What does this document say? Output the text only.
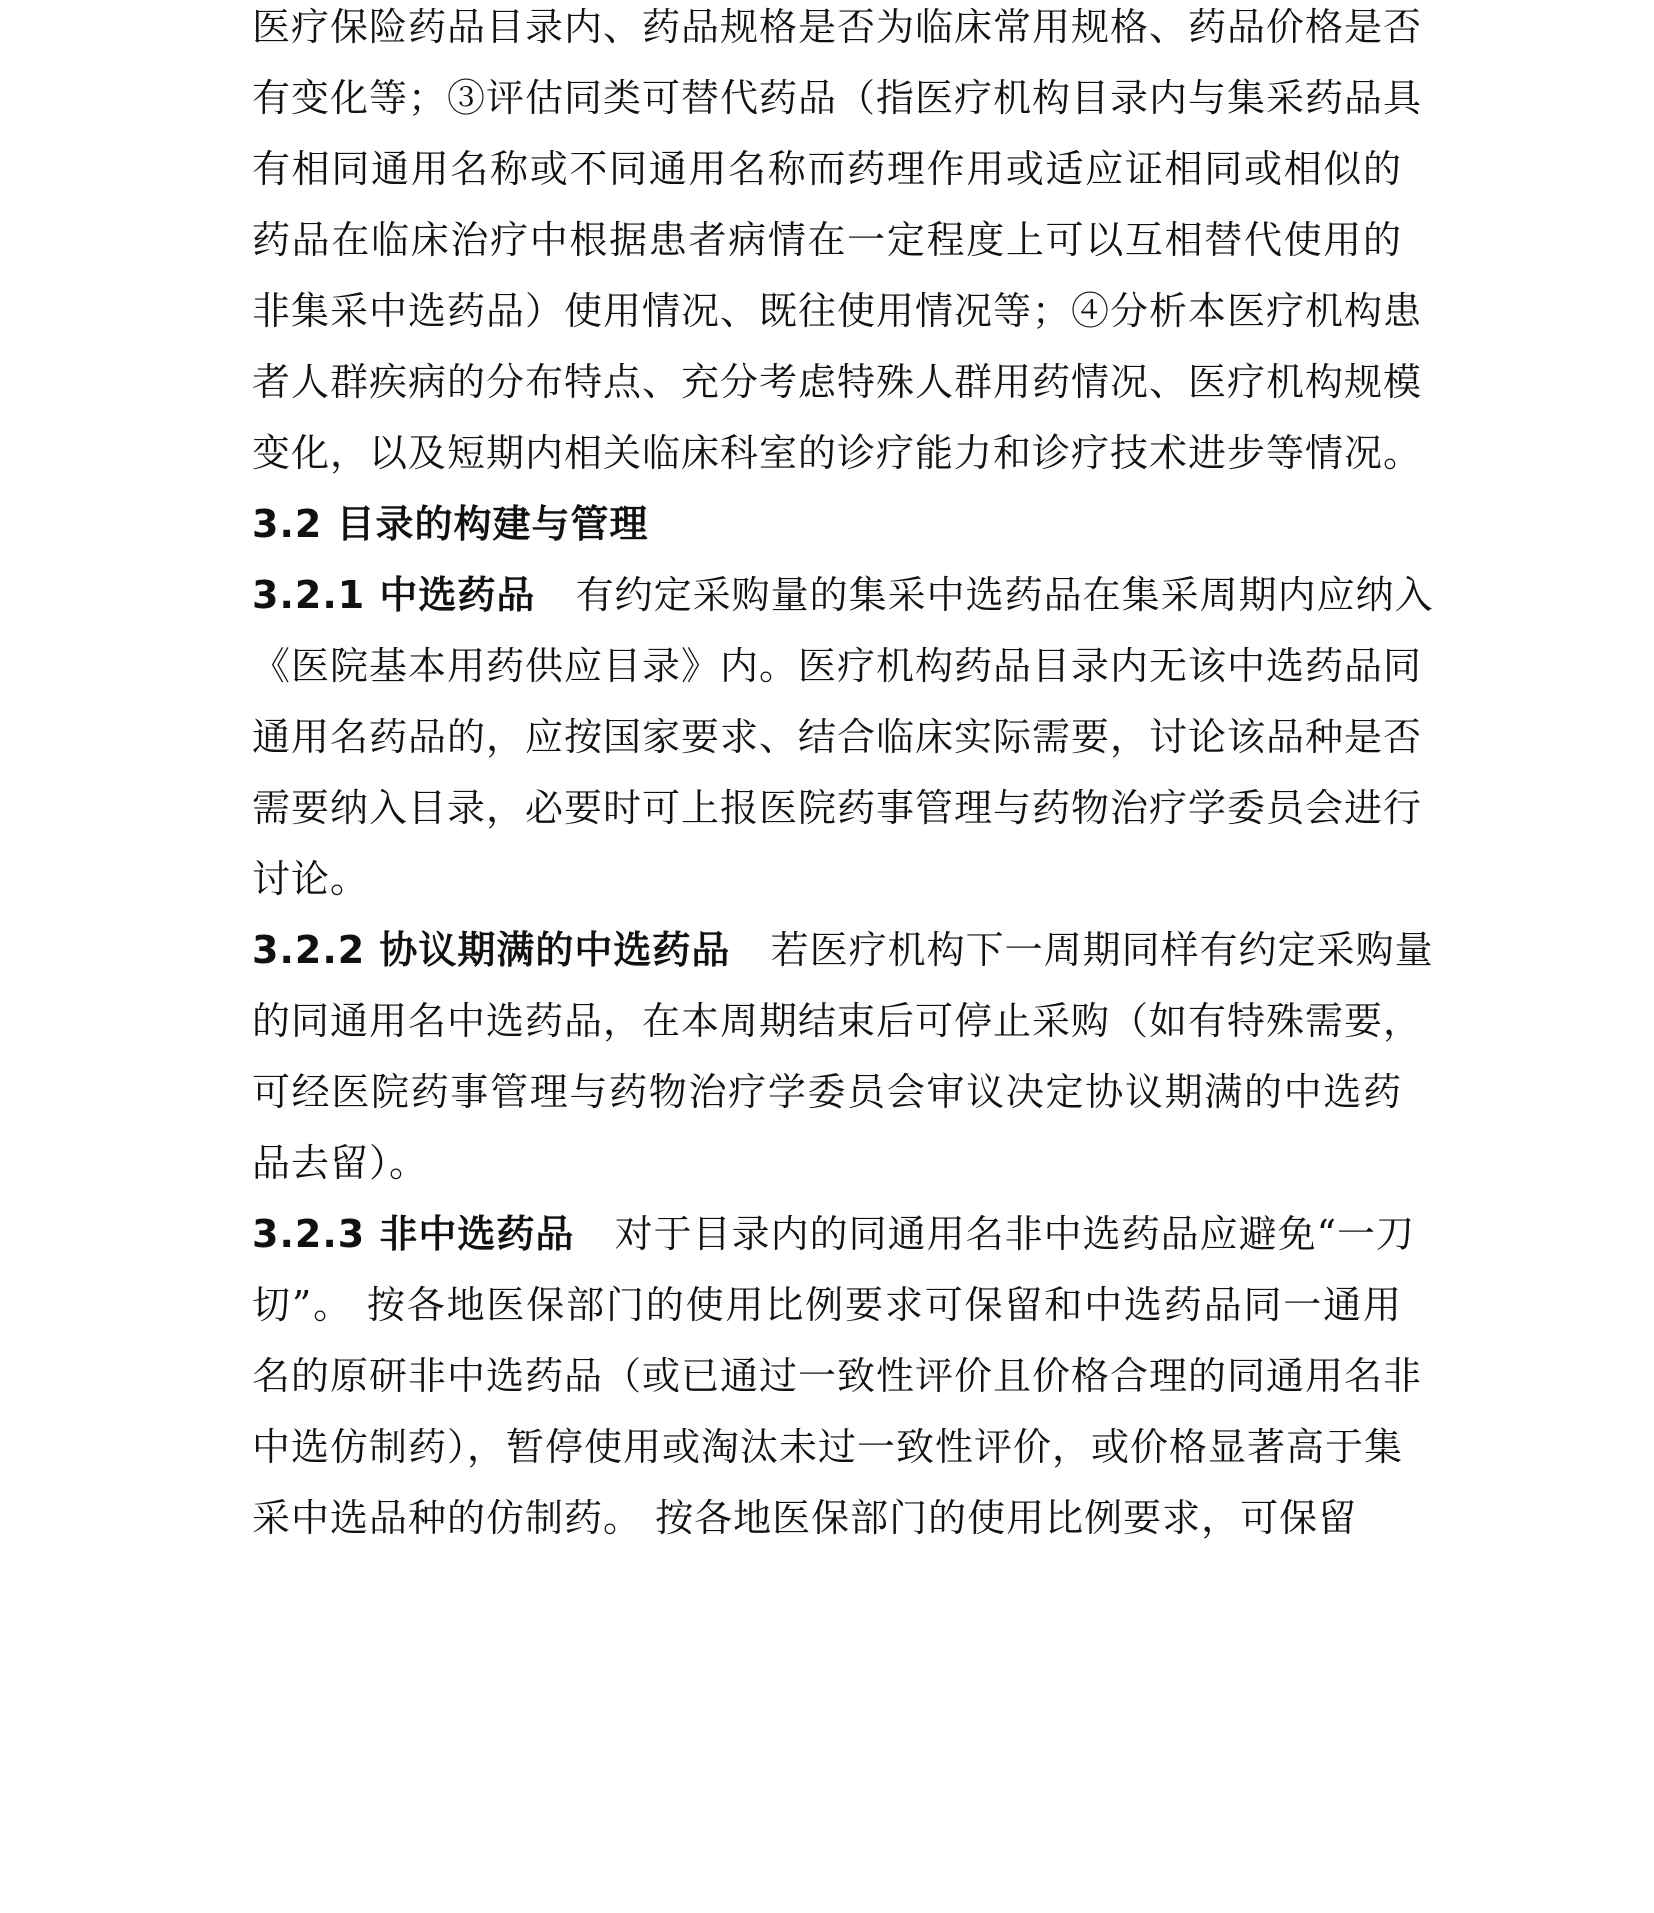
医疗保险药品目录内、药品规格是否为临床常用规格、药品价格是否
有变化等；③评估同类可替代药品（指医疗机构目录内与集采药品具
有相同通用名称或不同通用名称而药理作用或适应证相同或相似的
药品在临床治疗中根据患者病情在一定程度上可以互相替代使用的
非集采中选药品）使用情况、既往使用情况等；④分析本医疗机构患
者人群疾病的分布特点、充分考虑特殊人群用药情况、医疗机构规模
变化，以及短期内相关临床科室的诊疗能力和诊疗技术进步等情况。
3.2 目录的构建与管理
3.2.1 中选药品 有约定采购量的集采中选药品在集采周期内应纳入
《医院基本用药供应目录》内。医疗机构药品目录内无该中选药品同
通用名药品的，应按国家要求、结合临床实际需要，讨论该品种是否
需要纳入目录，必要时可上报医院药事管理与药物治疗学委员会进行
讨论。
3.2.2 协议期满的中选药品 若医疗机构下一周期同样有约定采购量
的同通用名中选药品，在本周期结束后可停止采购（如有特殊需要，
可经医院药事管理与药物治疗学委员会审议决定协议期满的中选药
品去留）。
3.2.3 非中选药品 对于目录内的同通用名非中选药品应避免“一刀
切”。 按各地医保部门的使用比例要求可保留和中选药品同一通用
名的原研非中选药品（或已通过一致性评价且价格合理的同通用名非
中选仿制药），暂停使用或淘汰未过一致性评价，或价格显著高于集
采中选品种的仿制药。 按各地医保部门的使用比例要求，可保留
